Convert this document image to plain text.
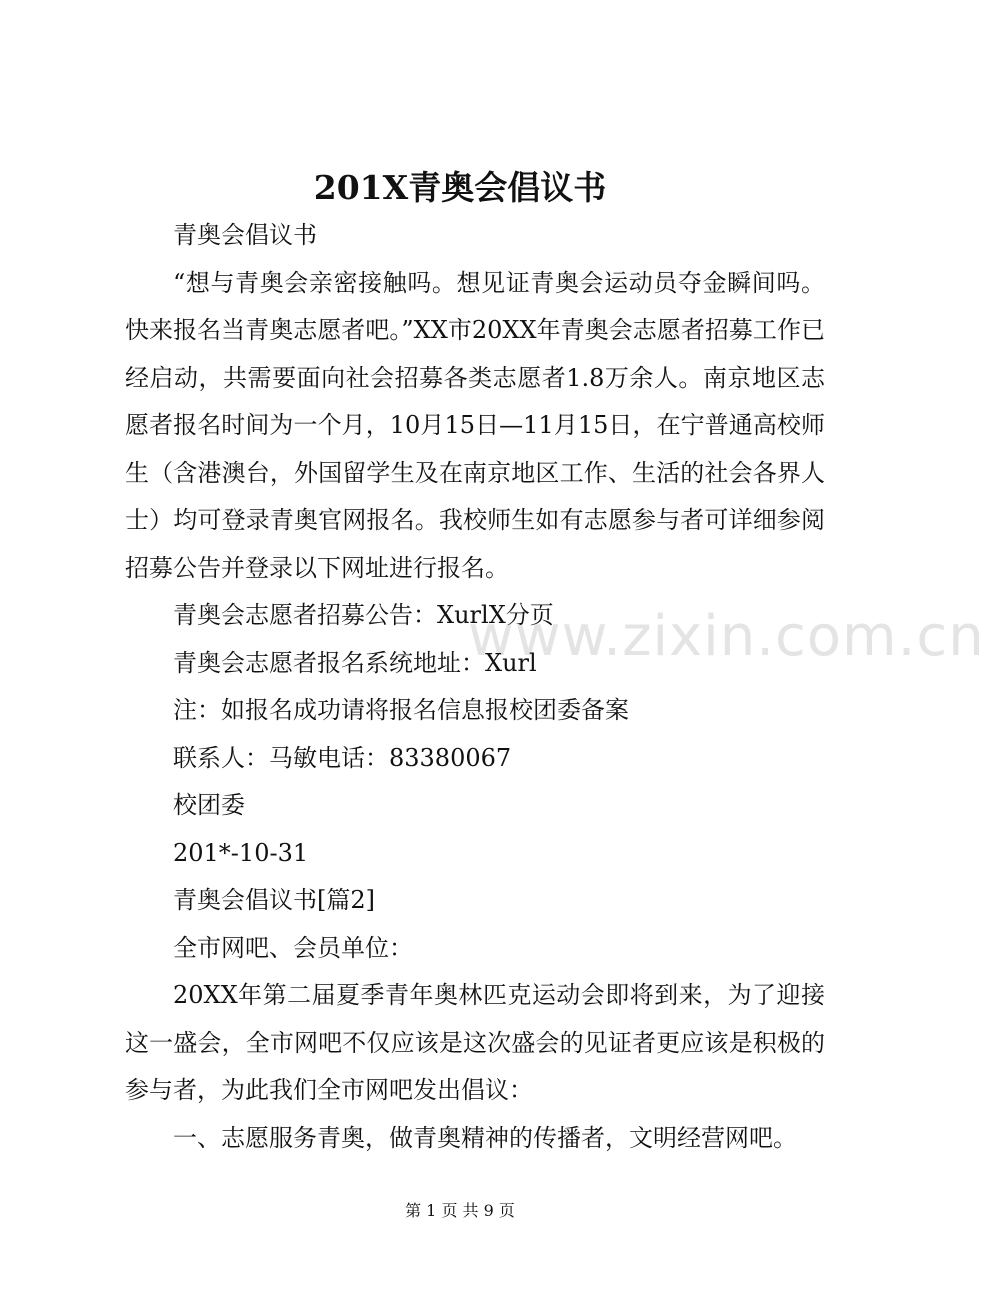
www.zixin.com.cn
201X青奥会倡议书

青奥会倡议书

“想与青奥会亲密接触吗。想见证青奥会运动员夺金瞬间吗。快来报名当青奥志愿者吧。”XX市20XX年青奥会志愿者招募工作已经启动，共需要面向社会招募各类志愿者1.8万余人。南京地区志愿者报名时间为一个月，10月15日—11月15日，在宁普通高校师生（含港澳台，外国留学生及在南京地区工作、生活的社会各界人士）均可登录青奥官网报名。我校师生如有志愿参与者可详细参阅招募公告并登录以下网址进行报名。

青奥会志愿者招募公告：XurlX分页

青奥会志愿者报名系统地址：Xurl

注：如报名成功请将报名信息报校团委备案

联系人：马敏电话：83380067

校团委

201*-10-31

青奥会倡议书[篇2]

全市网吧、会员单位：

20XX年第二届夏季青年奥林匹克运动会即将到来，为了迎接这一盛会，全市网吧不仅应该是这次盛会的见证者更应该是积极的参与者，为此我们全市网吧发出倡议：

一、志愿服务青奥，做青奥精神的传播者，文明经营网吧。

第 1 页 共 9 页
